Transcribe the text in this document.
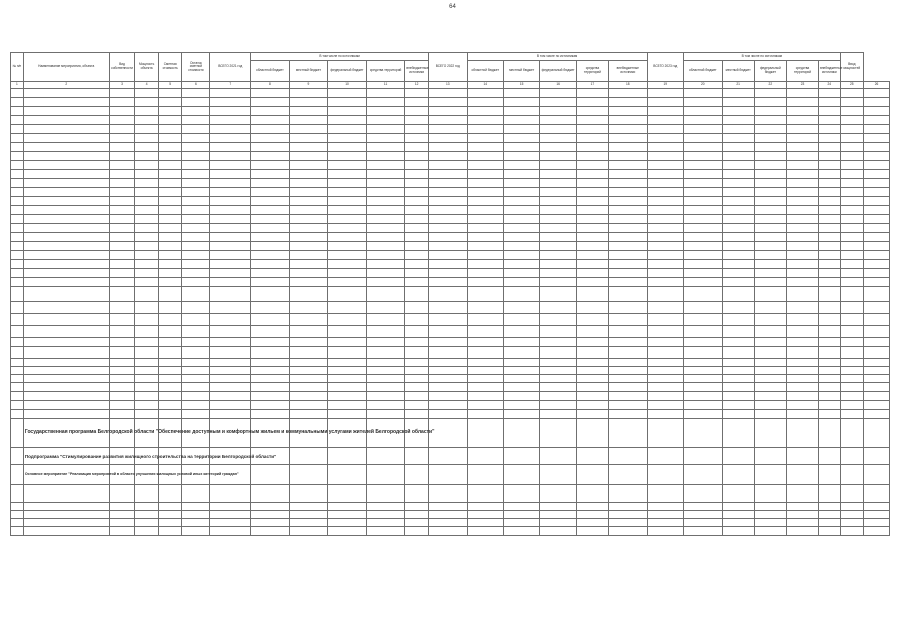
64
№ п/п	Наименование мероприятия, объекта	Вид собственности	Мощность объекта	Сметная стоимость	Остаток сметной стоимости	ВСЕГО 2021 год	В том числе по источникам					ВСЕГО 2022 год	В том числе по источникам					ВСЕГО 2023 год	В том числе по источникам					Ввод мощностей	
							областной бюджет	местный бюджет	федеральный бюджет	средства территорий	внебюджетные источники		областной бюджет	местный бюджет	федеральный бюджет	средства территорий	внебюджетные источники		областной бюджет	местный бюджет	федеральный бюджет	средства территорий	внебюджетные источники		
1	2	3	4	5	6	7	8	9	10	11	12	13	14	15	16	17	18	19	20	21	22	23	24	25	26

	Государственная программа Белгородской области "Обеспечение доступным и комфортным жильем и коммунальными услугами жителей Белгородской области"																								
	Подпрограмма "Стимулирование развития жилищного строительства на территории Белгородской области"																								
	Основное мероприятие "Реализация мероприятий в области улучшения жилищных условий иных категорий граждан"																								
